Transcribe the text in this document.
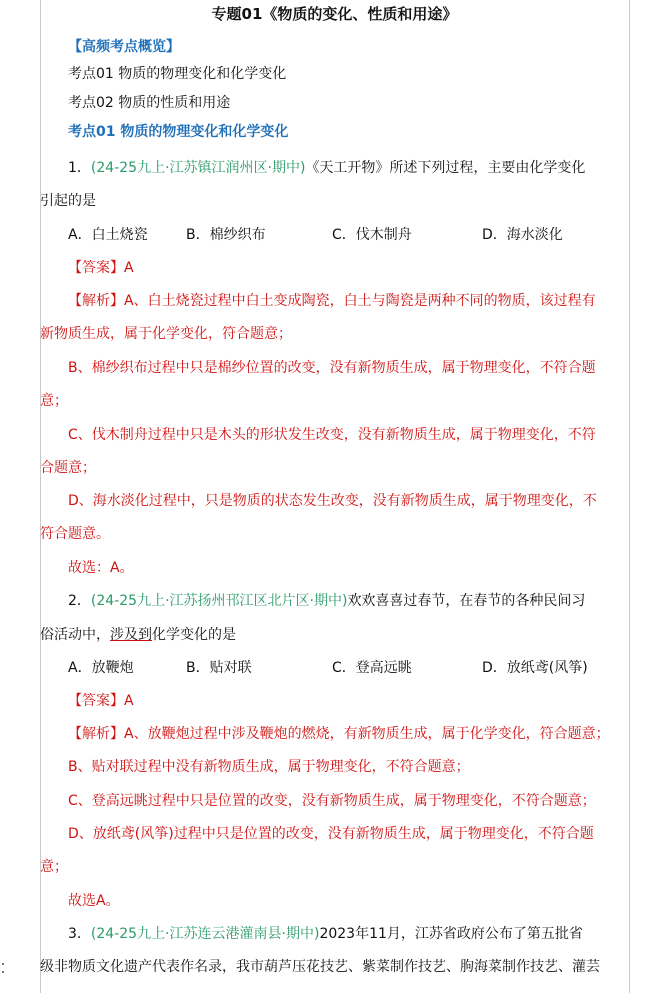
专题01《物质的变化、性质和用途》
【高频考点概览】
考点01 物质的物理变化和化学变化
考点02 物质的性质和用途
考点01 物质的物理变化和化学变化
1．(24-25九上·江苏镇江润州区·期中)《天工开物》所述下列过程，主要由化学变化
引起的是
A．白土烧瓷	B．棉纱织布	C．伐木制舟	D．海水淡化
【答案】A
【解析】A、白土烧瓷过程中白土变成陶瓷，白土与陶瓷是两种不同的物质，该过程有
新物质生成，属于化学变化，符合题意；
B、棉纱织布过程中只是棉纱位置的改变，没有新物质生成，属于物理变化，不符合题
意；
C、伐木制舟过程中只是木头的形状发生改变，没有新物质生成，属于物理变化，不符
合题意；
D、海水淡化过程中，只是物质的状态发生改变，没有新物质生成，属于物理变化，不
符合题意。
故选：A。
2．(24-25九上·江苏扬州邗江区北片区·期中)欢欢喜喜过春节，在春节的各种民间习
俗活动中，涉及到化学变化的是
A．放鞭炮	B．贴对联	C．登高远眺	D．放纸鸢(风筝)
【答案】A
【解析】A、放鞭炮过程中涉及鞭炮的燃烧，有新物质生成，属于化学变化，符合题意；
B、贴对联过程中没有新物质生成，属于物理变化，不符合题意；
C、登高远眺过程中只是位置的改变，没有新物质生成，属于物理变化，不符合题意；
D、放纸鸢(风筝)过程中只是位置的改变，没有新物质生成，属于物理变化，不符合题
意；
故选A。
3．(24-25九上·江苏连云港灌南县·期中)2023年11月，江苏省政府公布了第五批省
级非物质文化遗产代表作名录，我市葫芦压花技艺、紫菜制作技艺、朐海菜制作技艺、灌芸
